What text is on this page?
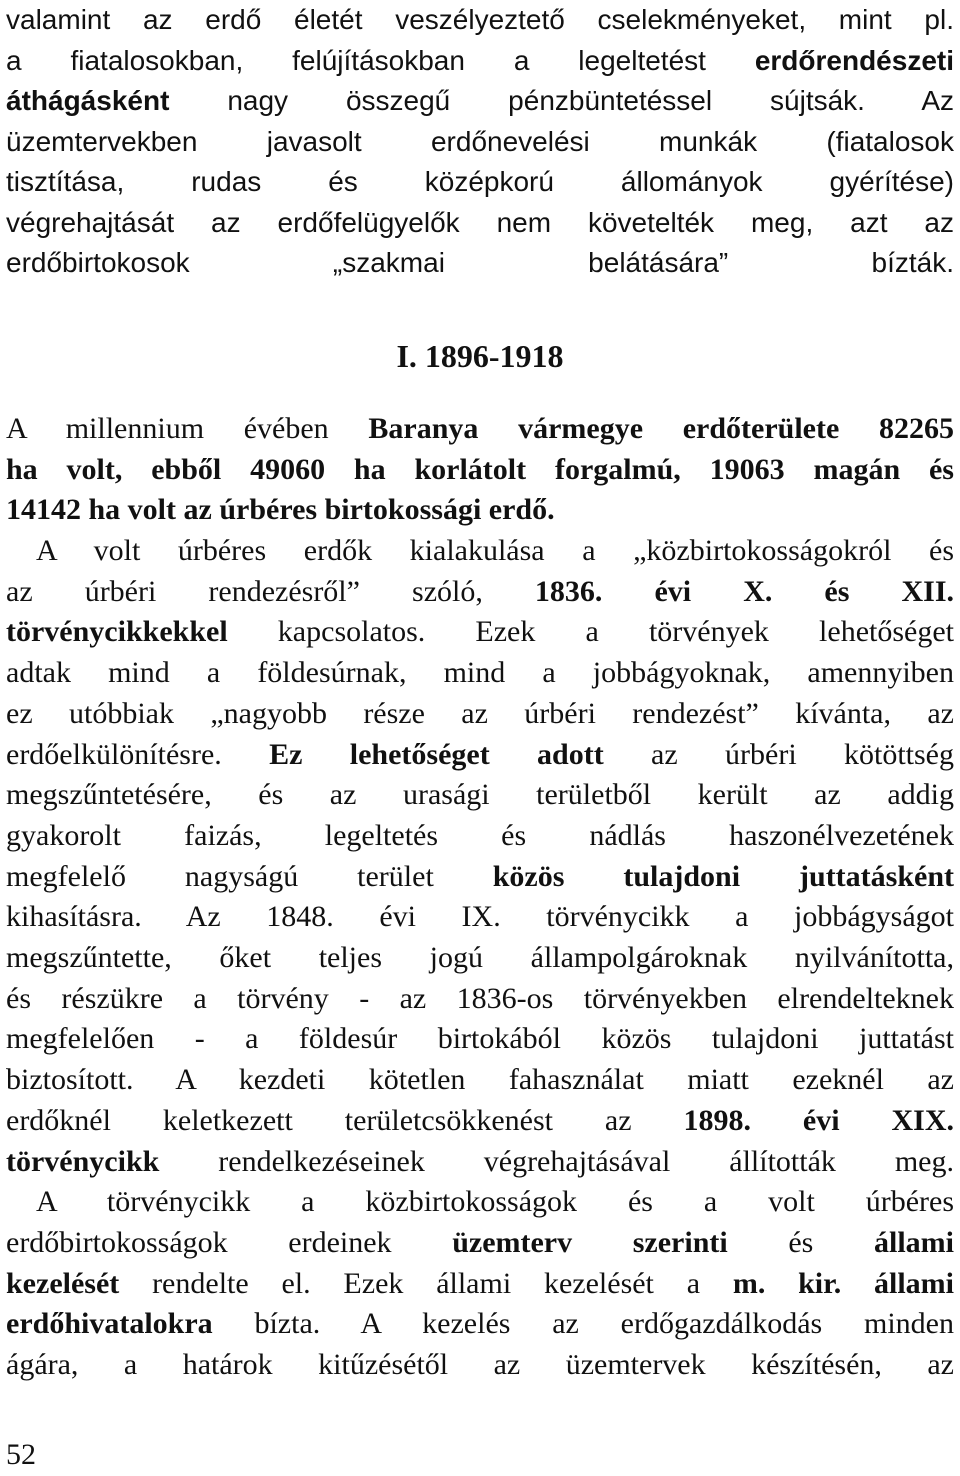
valamint az erdő életét veszélyeztető cselekményeket, mint pl.
a fiatalosokban, felújításokban a legeltetést erdőrendészeti
áthágásként nagy összegű pénzbüntetéssel sújtsák. Az
üzemtervekben javasolt erdőnevelési munkák (fiatalosok
tisztítása, rudas és középkorú állományok gyérítése)
végrehajtását az erdőfelügyelők nem követelték meg, azt az
erdőbirtokosok „szakmai belátására” bízták.
I. 1896-1918
A millennium évében Baranya vármegye erdőterülete 82265
ha volt, ebből 49060 ha korlátolt forgalmú, 19063 magán és
14142 ha volt az úrbéres birtokossági erdő.
 A volt úrbéres erdők kialakulása a „közbirtokosságokról és
az úrbéri rendezésről” szóló, 1836. évi X. és XII.
törvénycikkekkel kapcsolatos. Ezek a törvények lehetőséget
adtak mind a földesúrnak, mind a jobbágyoknak, amennyiben
ez utóbbiak „nagyobb része az úrbéri rendezést” kívánta, az
erdőelkülönítésre. Ez lehetőséget adott az úrbéri kötöttség
megszűntetésére, és az urasági területből került az addig
gyakorolt faizás, legeltetés és nádlás haszonélvezetének
megfelelő nagyságú terület közös tulajdoni juttatásként
kihasításra. Az 1848. évi IX. törvénycikk a jobbágyságot
megszűntette, őket teljes jogú állampolgároknak nyilvánította,
és részükre a törvény - az 1836-os törvényekben elrendelteknek
megfelelően - a földesúr birtokából közös tulajdoni juttatást
biztosított. A kezdeti kötetlen fahasználat miatt ezeknél az
erdőknél keletkezett területcsökkenést az 1898. évi XIX.
törvénycikk rendelkezéseinek végrehajtásával állították meg.
 A törvénycikk a közbirtokosságok és a volt úrbéres
erdőbirtokosságok erdeinek üzemterv szerinti és állami
kezelését rendelte el. Ezek állami kezelését a m. kir. állami
erdőhivatalokra bízta. A kezelés az erdőgazdálkodás minden
ágára, a határok kitűzésétől az üzemtervek készítésén, az
52
